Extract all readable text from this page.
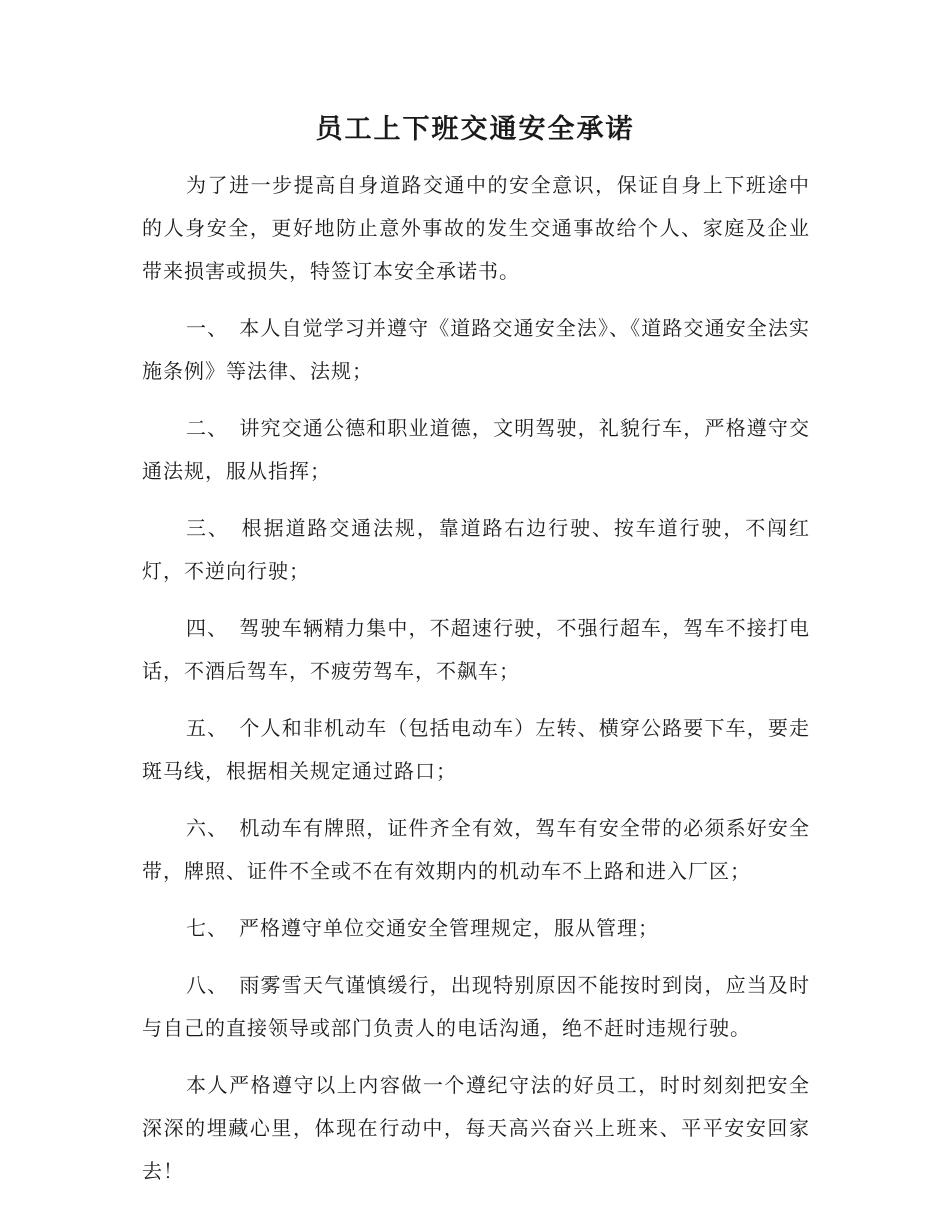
员工上下班交通安全承诺

为了进一步提高自身道路交通中的安全意识，保证自身上下班途中的人身安全，更好地防止意外事故的发生交通事故给个人、家庭及企业带来损害或损失，特签订本安全承诺书。

一、　本人自觉学习并遵守《道路交通安全法》、《道路交通安全法实施条例》等法律、法规；

二、　讲究交通公德和职业道德，文明驾驶，礼貌行车，严格遵守交通法规，服从指挥；

三、　根据道路交通法规，靠道路右边行驶、按车道行驶，不闯红灯，不逆向行驶；

四、　驾驶车辆精力集中，不超速行驶，不强行超车，驾车不接打电话，不酒后驾车，不疲劳驾车，不飙车；

五、　个人和非机动车（包括电动车）左转、横穿公路要下车，要走斑马线，根据相关规定通过路口；

六、　机动车有牌照，证件齐全有效，驾车有安全带的必须系好安全带，牌照、证件不全或不在有效期内的机动车不上路和进入厂区；

七、　严格遵守单位交通安全管理规定，服从管理；

八、　雨雾雪天气谨慎缓行，出现特别原因不能按时到岗，应当及时与自己的直接领导或部门负责人的电话沟通，绝不赶时违规行驶。

本人严格遵守以上内容做一个遵纪守法的好员工，时时刻刻把安全深深的埋藏心里，体现在行动中，每天高兴奋兴上班来、平平安安回家去！
